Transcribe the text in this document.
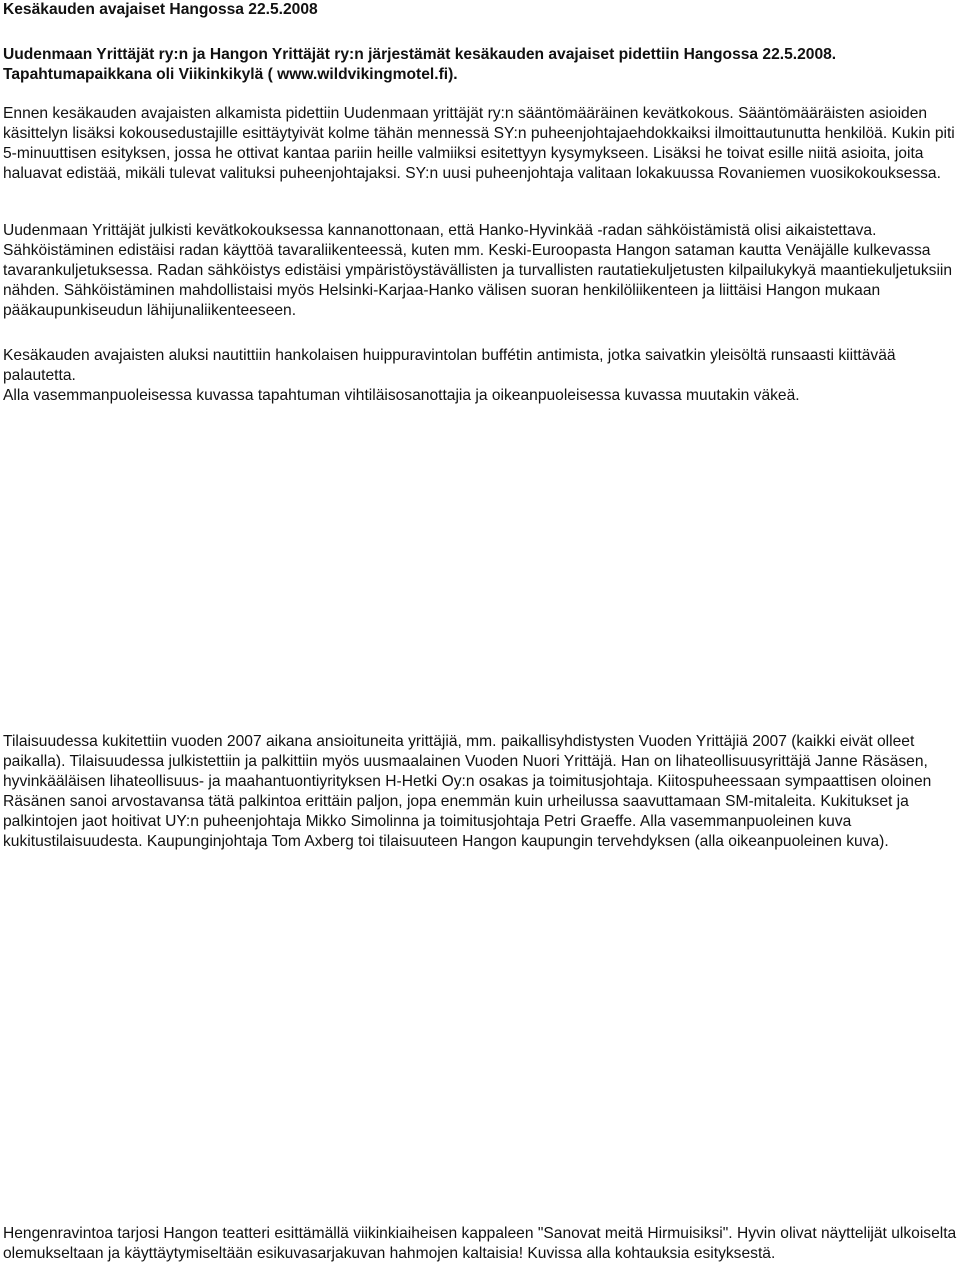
Kesäkauden avajaiset Hangossa 22.5.2008

Uudenmaan Yrittäjät ry:n ja Hangon Yrittäjät ry:n järjestämät kesäkauden avajaiset pidettiin Hangossa 22.5.2008. Tapahtumapaikkana oli Viikinkikylä ( www.wildvikingmotel.fi).

Ennen kesäkauden avajaisten alkamista pidettiin Uudenmaan yrittäjät ry:n sääntömääräinen kevätkokous. Sääntömääräisten asioiden käsittelyn lisäksi kokousedustajille esittäytyivät kolme tähän mennessä SY:n puheenjohtajaehdokkaiksi ilmoittautunutta henkilöä. Kukin piti 5-minuuttisen esityksen, jossa he ottivat kantaa pariin heille valmiiksi esitettyyn kysymykseen. Lisäksi he toivat esille niitä asioita, joita haluavat edistää, mikäli tulevat valituksi puheenjohtajaksi. SY:n uusi puheenjohtaja valitaan lokakuussa Rovaniemen vuosikokouksessa.

Uudenmaan Yrittäjät julkisti kevätkokouksessa kannanottonaan, että Hanko-Hyvinkää -radan sähköistämistä olisi aikaistettava. Sähköistäminen edistäisi radan käyttöä tavaraliikenteessä, kuten mm. Keski-Euroopasta Hangon sataman kautta Venäjälle kulkevassa tavarankuljetuksessa. Radan sähköistys edistäisi ympäristöystävällisten ja turvallisten rautatiekuljetusten kilpailukykyä maantiekuljetuksiin nähden. Sähköistäminen mahdollistaisi myös Helsinki-Karjaa-Hanko välisen suoran henkilöliikenteen ja liittäisi Hangon mukaan pääkaupunkiseudun lähijunaliikenteeseen.

Kesäkauden avajaisten aluksi nautittiin hankolaisen huippuravintolan buffétin antimista, jotka saivatkin yleisöltä runsaasti kiittävää palautetta.

Alla vasemmanpuoleisessa kuvassa tapahtuman vihtiläisosanottajia ja oikeanpuoleisessa kuvassa muutakin väkeä.

Tilaisuudessa kukitettiin vuoden 2007 aikana ansioituneita yrittäjiä, mm. paikallisyhdistysten Vuoden Yrittäjiä 2007 (kaikki eivät olleet paikalla). Tilaisuudessa julkistettiin ja palkittiin myös uusmaalainen Vuoden Nuori Yrittäjä. Han on lihateollisuusyrittäjä Janne Räsäsen, hyvinkääläisen lihateollisuus- ja maahantuontiyrityksen H-Hetki Oy:n osakas ja toimitusjohtaja. Kiitospuheessaan sympaattisen oloinen Räsänen sanoi arvostavansa tätä palkintoa erittäin paljon, jopa enemmän kuin urheilussa saavuttamaan SM-mitaleita. Kukitukset ja palkintojen jaot hoitivat UY:n puheenjohtaja Mikko Simolinna ja toimitusjohtaja Petri Graeffe. Alla vasemmanpuoleinen kuva kukitustilaisuudesta. Kaupunginjohtaja Tom Axberg toi tilaisuuteen Hangon kaupungin tervehdyksen (alla oikeanpuoleinen kuva).

Hengenravintoa tarjosi Hangon teatteri esittämällä viikinkiaiheisen kappaleen "Sanovat meitä Hirmuisiksi". Hyvin olivat näyttelijät ulkoiselta olemukseltaan ja käyttäytymiseltään esikuvasarjakuvan hahmojen kaltaisia! Kuvissa alla kohtauksia esityksestä.
